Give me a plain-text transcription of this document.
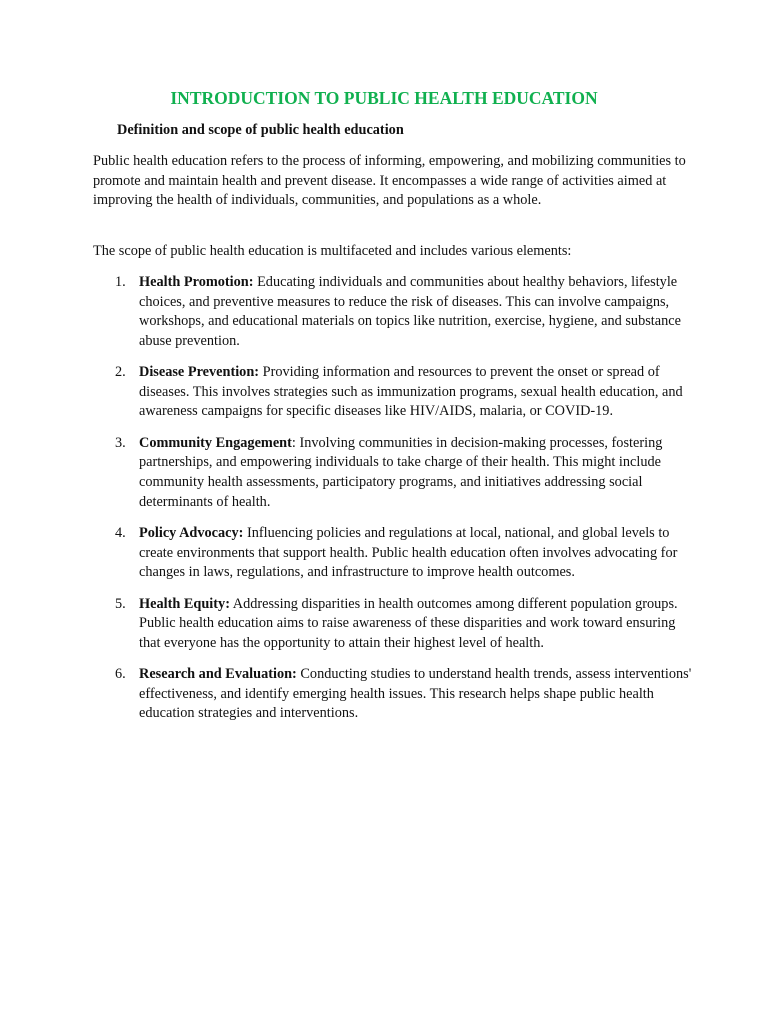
INTRODUCTION TO PUBLIC HEALTH EDUCATION
Definition and scope of public health education

Public health education refers to the process of informing, empowering, and mobilizing communities to promote and maintain health and prevent disease. It encompasses a wide range of activities aimed at improving the health of individuals, communities, and populations as a whole.

The scope of public health education is multifaceted and includes various elements:

1. Health Promotion: Educating individuals and communities about healthy behaviors, lifestyle choices, and preventive measures to reduce the risk of diseases. This can involve campaigns, workshops, and educational materials on topics like nutrition, exercise, hygiene, and substance abuse prevention.
2. Disease Prevention: Providing information and resources to prevent the onset or spread of diseases. This involves strategies such as immunization programs, sexual health education, and awareness campaigns for specific diseases like HIV/AIDS, malaria, or COVID-19.
3. Community Engagement: Involving communities in decision-making processes, fostering partnerships, and empowering individuals to take charge of their health. This might include community health assessments, participatory programs, and initiatives addressing social determinants of health.
4. Policy Advocacy: Influencing policies and regulations at local, national, and global levels to create environments that support health. Public health education often involves advocating for changes in laws, regulations, and infrastructure to improve health outcomes.
5. Health Equity: Addressing disparities in health outcomes among different population groups. Public health education aims to raise awareness of these disparities and work toward ensuring that everyone has the opportunity to attain their highest level of health.
6. Research and Evaluation: Conducting studies to understand health trends, assess interventions' effectiveness, and identify emerging health issues. This research helps shape public health education strategies and interventions.
